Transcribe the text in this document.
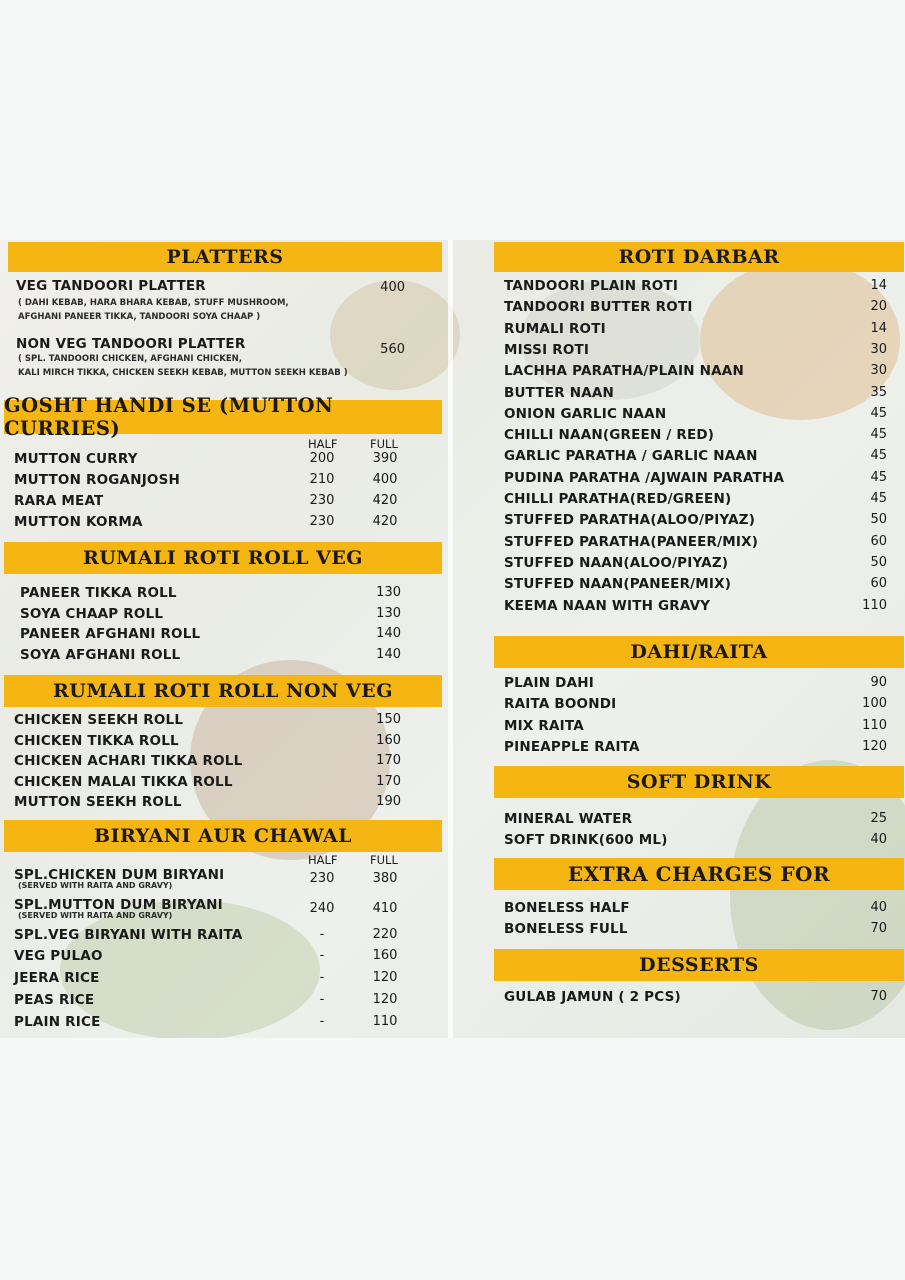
PLATTERS
VEG TANDOORI PLATTER	400
( DAHI KEBAB, HARA BHARA KEBAB, STUFF MUSHROOM,
AFGHANI PANEER TIKKA, TANDOORI SOYA CHAAP )
NON VEG TANDOORI PLATTER	560
( SPL. TANDOORI CHICKEN, AFGHANI CHICKEN,
KALI MIRCH TIKKA, CHICKEN SEEKH KEBAB, MUTTON SEEKH KEBAB )
GOSHT HANDI SE (MUTTON CURRIES)
HALF	FULL
MUTTON CURRY	200	390
MUTTON ROGANJOSH	210	400
RARA MEAT	230	420
MUTTON KORMA	230	420
RUMALI ROTI ROLL VEG
PANEER TIKKA ROLL	130
SOYA CHAAP ROLL	130
PANEER AFGHANI ROLL	140
SOYA AFGHANI ROLL	140
RUMALI ROTI ROLL NON VEG
CHICKEN SEEKH ROLL	150
CHICKEN TIKKA ROLL	160
CHICKEN ACHARI TIKKA ROLL	170
CHICKEN MALAI TIKKA ROLL	170
MUTTON SEEKH ROLL	190
BIRYANI AUR CHAWAL
HALF	FULL
SPL.CHICKEN DUM BIRYANI
(SERVED WITH RAITA AND GRAVY)	230	380
SPL.MUTTON DUM BIRYANI
(SERVED WITH RAITA AND GRAVY)	240	410
SPL.VEG BIRYANI WITH RAITA	-	220
VEG PULAO	-	160
JEERA RICE	-	120
PEAS RICE	-	120
PLAIN RICE	-	110
ROTI DARBAR
TANDOORI PLAIN ROTI	14
TANDOORI BUTTER ROTI	20
RUMALI ROTI	14
MISSI ROTI	30
LACHHA PARATHA/PLAIN NAAN	30
BUTTER NAAN	35
ONION GARLIC NAAN	45
CHILLI NAAN(GREEN / RED)	45
GARLIC PARATHA / GARLIC NAAN	45
PUDINA PARATHA /AJWAIN PARATHA	45
CHILLI PARATHA(RED/GREEN)	45
STUFFED PARATHA(ALOO/PIYAZ)	50
STUFFED PARATHA(PANEER/MIX)	60
STUFFED NAAN(ALOO/PIYAZ)	50
STUFFED NAAN(PANEER/MIX)	60
KEEMA NAAN WITH GRAVY	110
DAHI/RAITA
PLAIN DAHI	90
RAITA BOONDI	100
MIX RAITA	110
PINEAPPLE RAITA	120
SOFT DRINK
MINERAL WATER	25
SOFT DRINK(600 ML)	40
EXTRA CHARGES FOR
BONELESS HALF	40
BONELESS FULL	70
DESSERTS
GULAB JAMUN ( 2 PCS)	70
